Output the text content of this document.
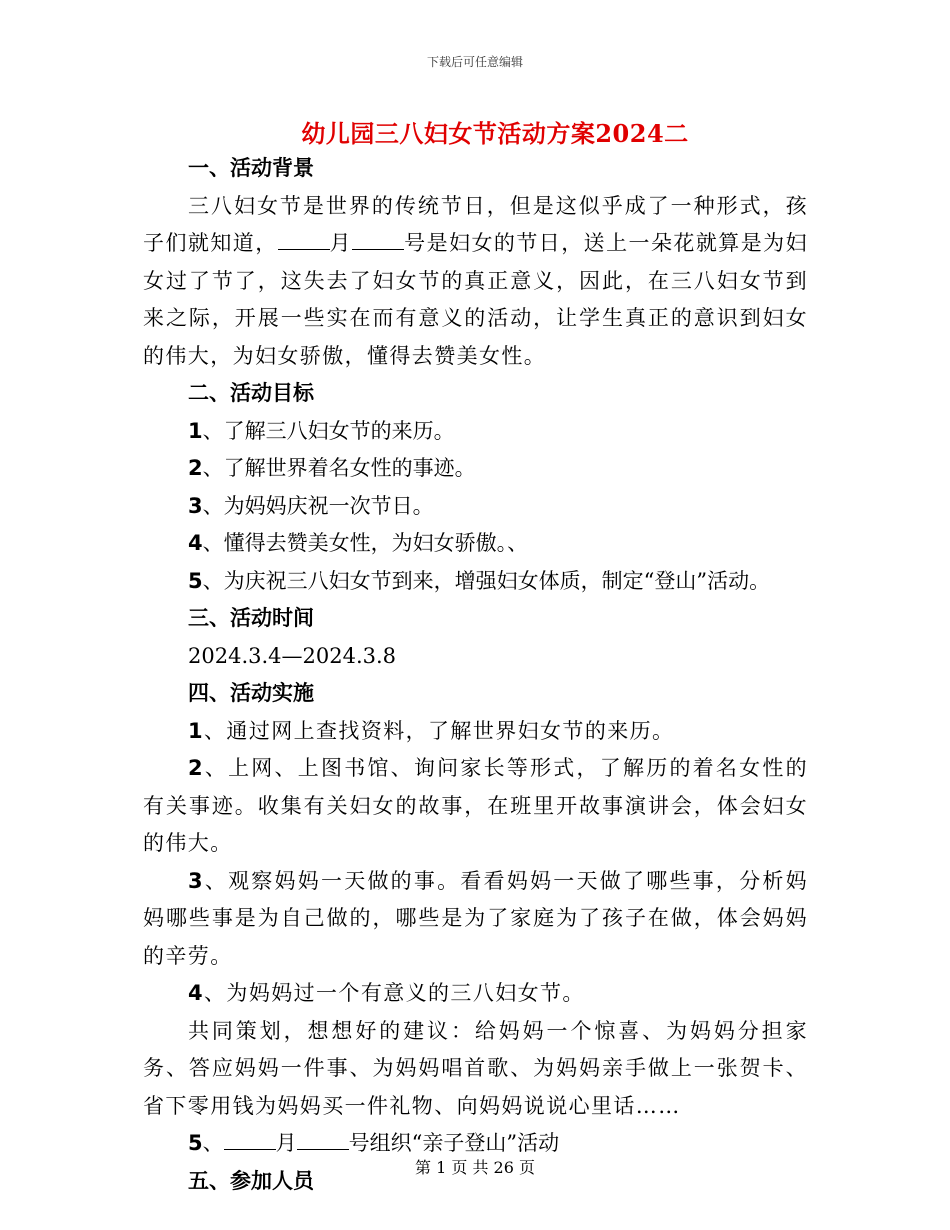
下载后可任意编辑
幼儿园三八妇女节活动方案2024二
一、活动背景
三八妇女节是世界的传统节日，但是这似乎成了一种形式，孩子们就知道， 月 号是妇女的节日，送上一朵花就算是为妇女过了节了，这失去了妇女节的真正意义，因此，在三八妇女节到来之际，开展一些实在而有意义的活动，让学生真正的意识到妇女的伟大，为妇女骄傲，懂得去赞美女性。
二、活动目标
1、了解三八妇女节的来历。
2、了解世界着名女性的事迹。
3、为妈妈庆祝一次节日。
4、懂得去赞美女性，为妇女骄傲。、
5、为庆祝三八妇女节到来，增强妇女体质，制定“登山”活动。
三、活动时间
2024.3.4—2024.3.8
四、活动实施
1、通过网上查找资料，了解世界妇女节的来历。
2、上网、上图书馆、询问家长等形式，了解历的着名女性的有关事迹。收集有关妇女的故事，在班里开故事演讲会，体会妇女的伟大。
3、观察妈妈一天做的事。看看妈妈一天做了哪些事，分析妈妈哪些事是为自己做的，哪些是为了家庭为了孩子在做，体会妈妈的辛劳。
4、为妈妈过一个有意义的三八妇女节。
共同策划，想想好的建议：给妈妈一个惊喜、为妈妈分担家务、答应妈妈一件事、为妈妈唱首歌、为妈妈亲手做上一张贺卡、省下零用钱为妈妈买一件礼物、向妈妈说说心里话……
5、 月 号组织“亲子登山”活动
五、参加人员
第 1 页 共 26 页
